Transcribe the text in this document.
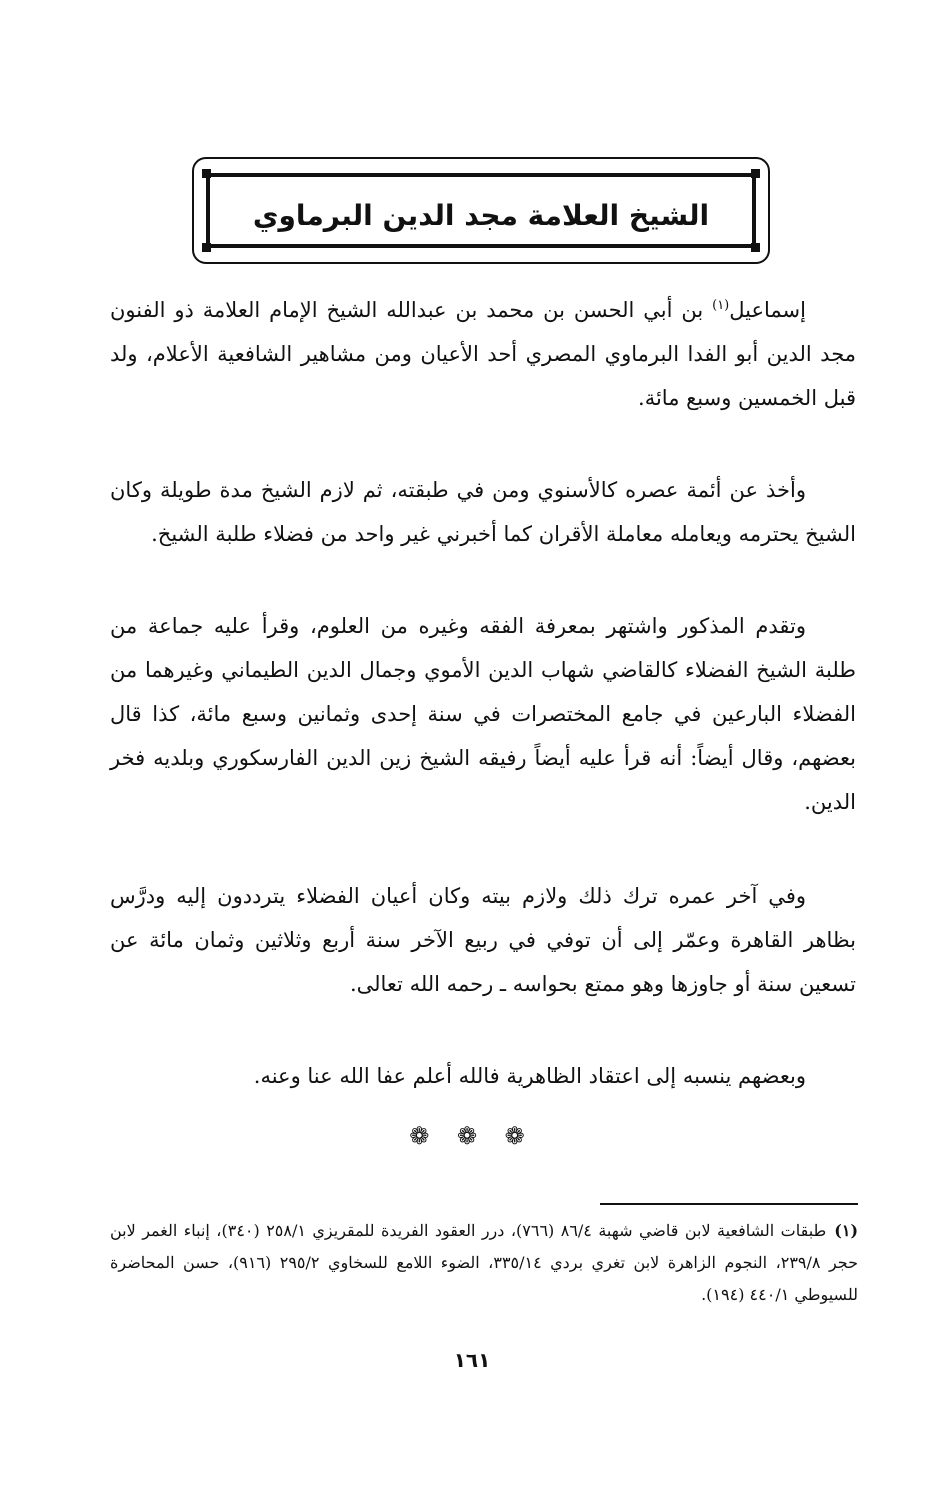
الشيخ العلامة مجد الدين البرماوي

إسماعيل$^{(١)}$ بن أبي الحسن بن محمد بن عبدالله الشيخ الإمام العلامة ذو الفنون مجد الدين أبو الفدا البرماوي المصري أحد الأعيان ومن مشاهير الشافعية الأعلام، ولد قبل الخمسين وسبع مائة.

وأخذ عن أئمة عصره كالأسنوي ومن في طبقته، ثم لازم الشيخ مدة طويلة وكان الشيخ يحترمه ويعامله معاملة الأقران كما أخبرني غير واحد من فضلاء طلبة الشيخ.

وتقدم المذكور واشتهر بمعرفة الفقه وغيره من العلوم، وقرأ عليه جماعة من طلبة الشيخ الفضلاء كالقاضي شهاب الدين الأموي وجمال الدين الطيماني وغيرهما من الفضلاء البارعين في جامع المختصرات في سنة إحدى وثمانين وسبع مائة، كذا قال بعضهم، وقال أيضاً: أنه قرأ عليه أيضاً رفيقه الشيخ زين الدين الفارسكوري وبلديه فخر الدين.

وفي آخر عمره ترك ذلك ولازم بيته وكان أعيان الفضلاء يترددون إليه ودرَّس بظاهر القاهرة وعمّر إلى أن توفي في ربيع الآخر سنة أربع وثلاثين وثمان مائة عن تسعين سنة أو جاوزها وهو ممتع بحواسه ـ رحمه الله تعالى.

وبعضهم ينسبه إلى اعتقاد الظاهرية فالله أعلم عفا الله عنا وعنه.
❁ ❁ ❁
(١)طبقات الشافعية لابن قاضي شهبة ٨٦/٤ (٧٦٦)، درر العقود الفريدة للمقريزي ٢٥٨/١ (٣٤٠)، إنباء الغمر لابن حجر ٢٣٩/٨، النجوم الزاهرة لابن تغري بردي ٣٣٥/١٤، الضوء اللامع للسخاوي ٢٩٥/٢ (٩١٦)، حسن المحاضرة للسيوطي ٤٤٠/١ (١٩٤).
١٦١
